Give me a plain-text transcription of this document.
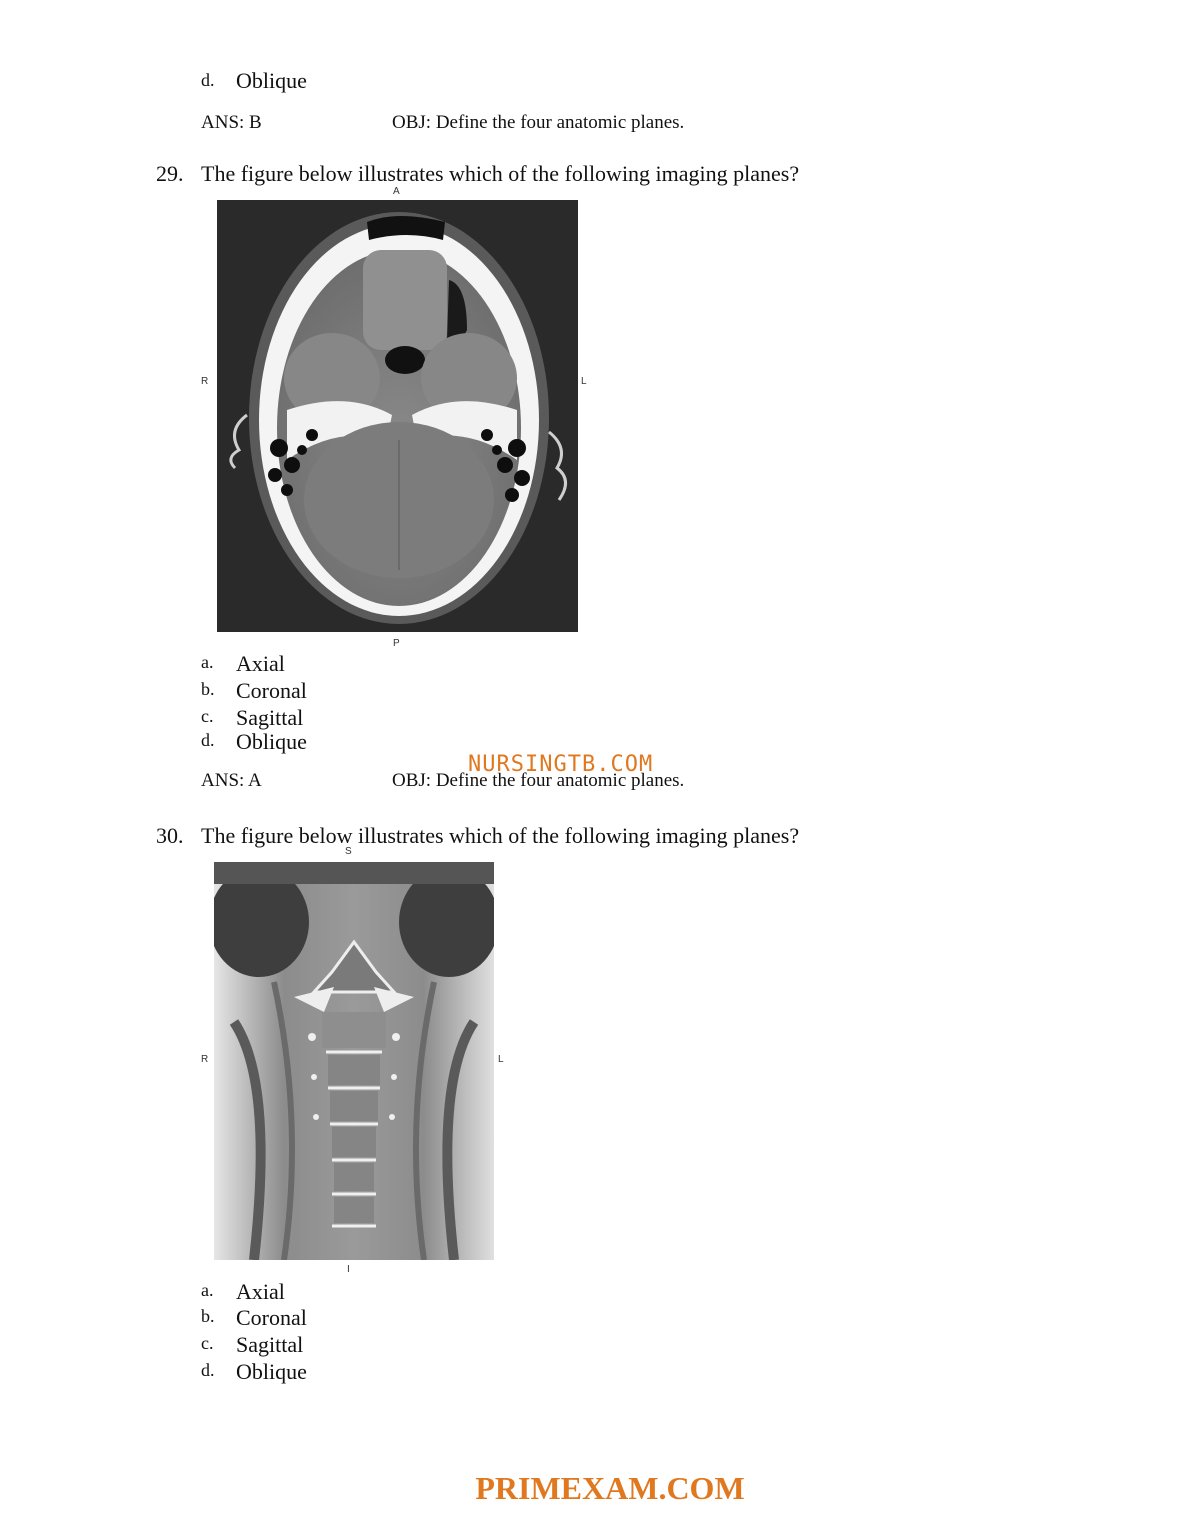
d. Oblique
ANS: B	OBJ: Define the four anatomic planes.
29. The figure below illustrates which of the following imaging planes?
A
P
R	L
a. Axial
b. Coronal
c. Sagittal
d. Oblique
ANS: A	OBJ: Define the four anatomic planes.
NURSINGTB.COM
30. The figure below illustrates which of the following imaging planes?
S
I
R	L
a. Axial
b. Coronal
c. Sagittal
d. Oblique
PRIMEXAM.COM
